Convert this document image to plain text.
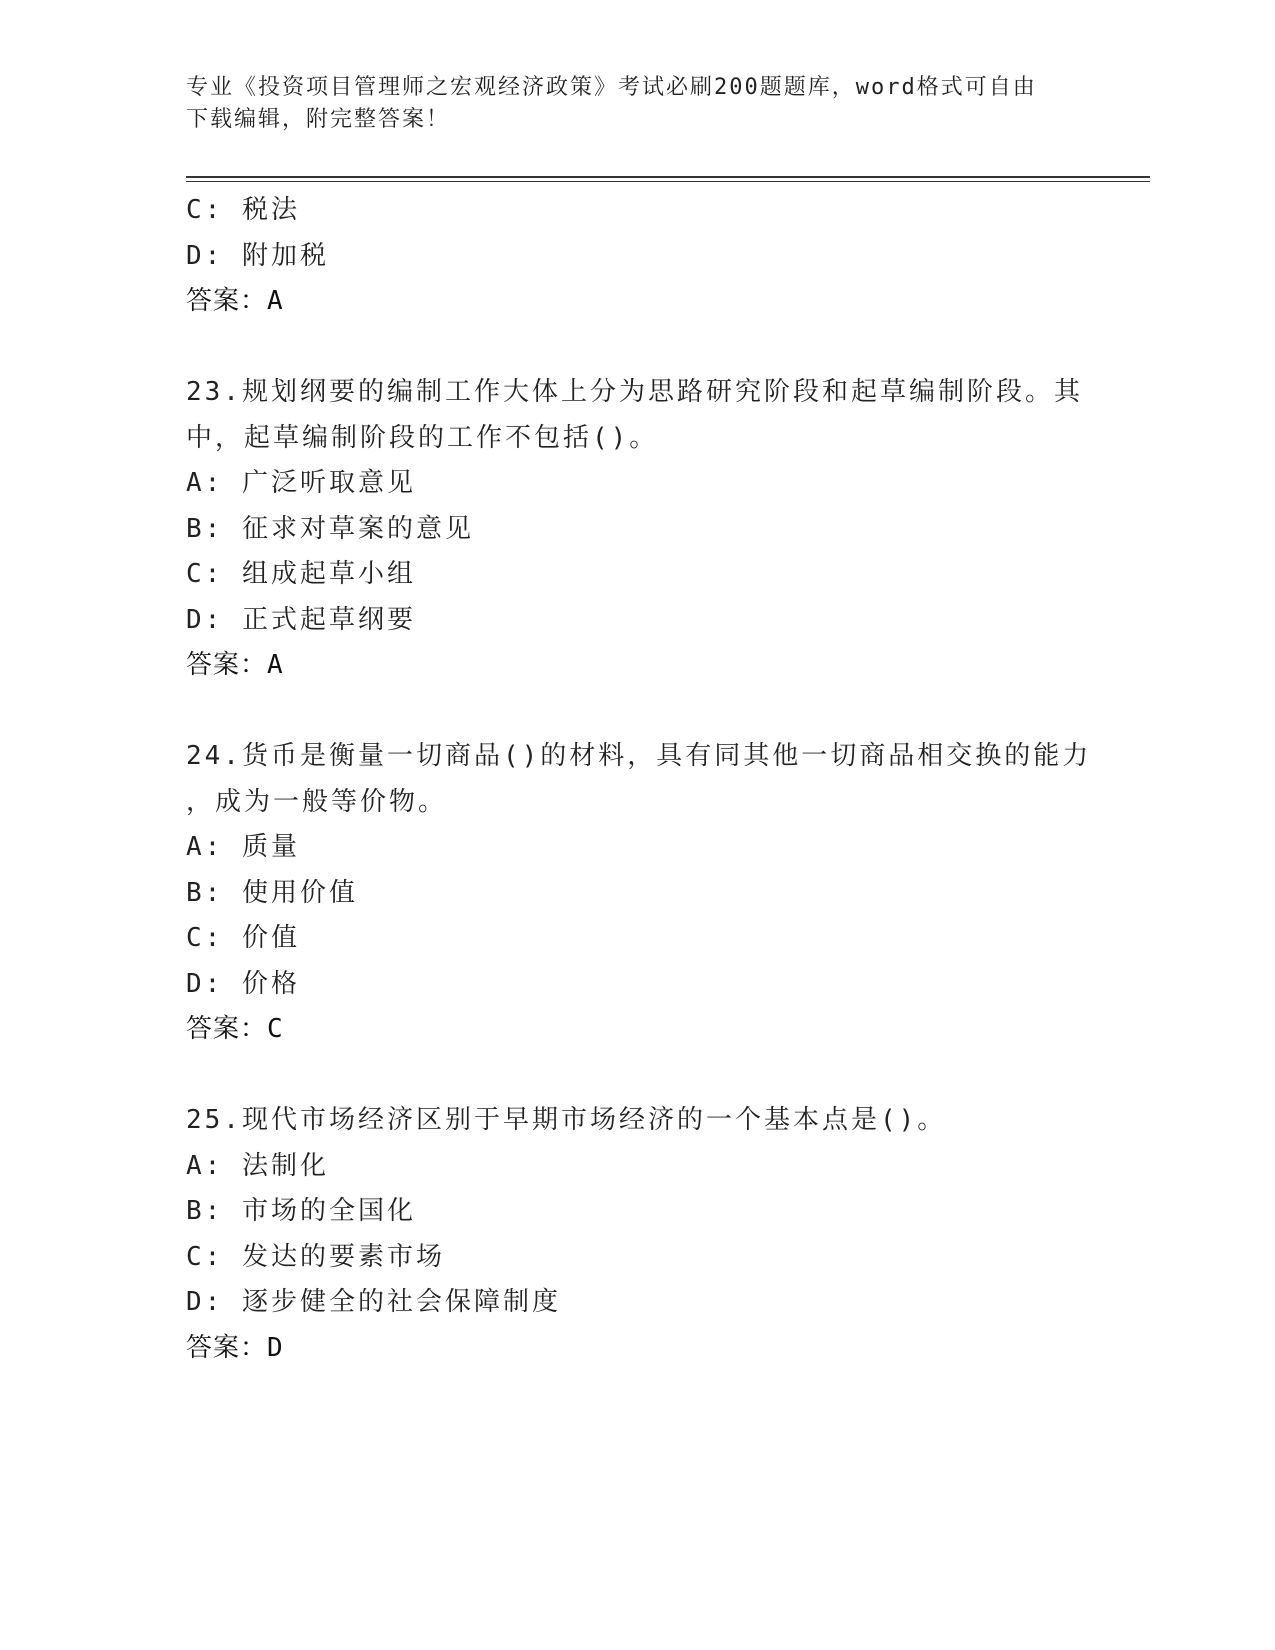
专业《投资项目管理师之宏观经济政策》考试必刷200题题库，word格式可自由
下载编辑，附完整答案！
C: 税法
D: 附加税
答案：A
23.规划纲要的编制工作大体上分为思路研究阶段和起草编制阶段。其
中，起草编制阶段的工作不包括()。
A: 广泛听取意见
B: 征求对草案的意见
C: 组成起草小组
D: 正式起草纲要
答案：A
24.货币是衡量一切商品()的材料，具有同其他一切商品相交换的能力
，成为一般等价物。
A: 质量
B: 使用价值
C: 价值
D: 价格
答案：C
25.现代市场经济区别于早期市场经济的一个基本点是()。
A: 法制化
B: 市场的全国化
C: 发达的要素市场
D: 逐步健全的社会保障制度
答案：D
